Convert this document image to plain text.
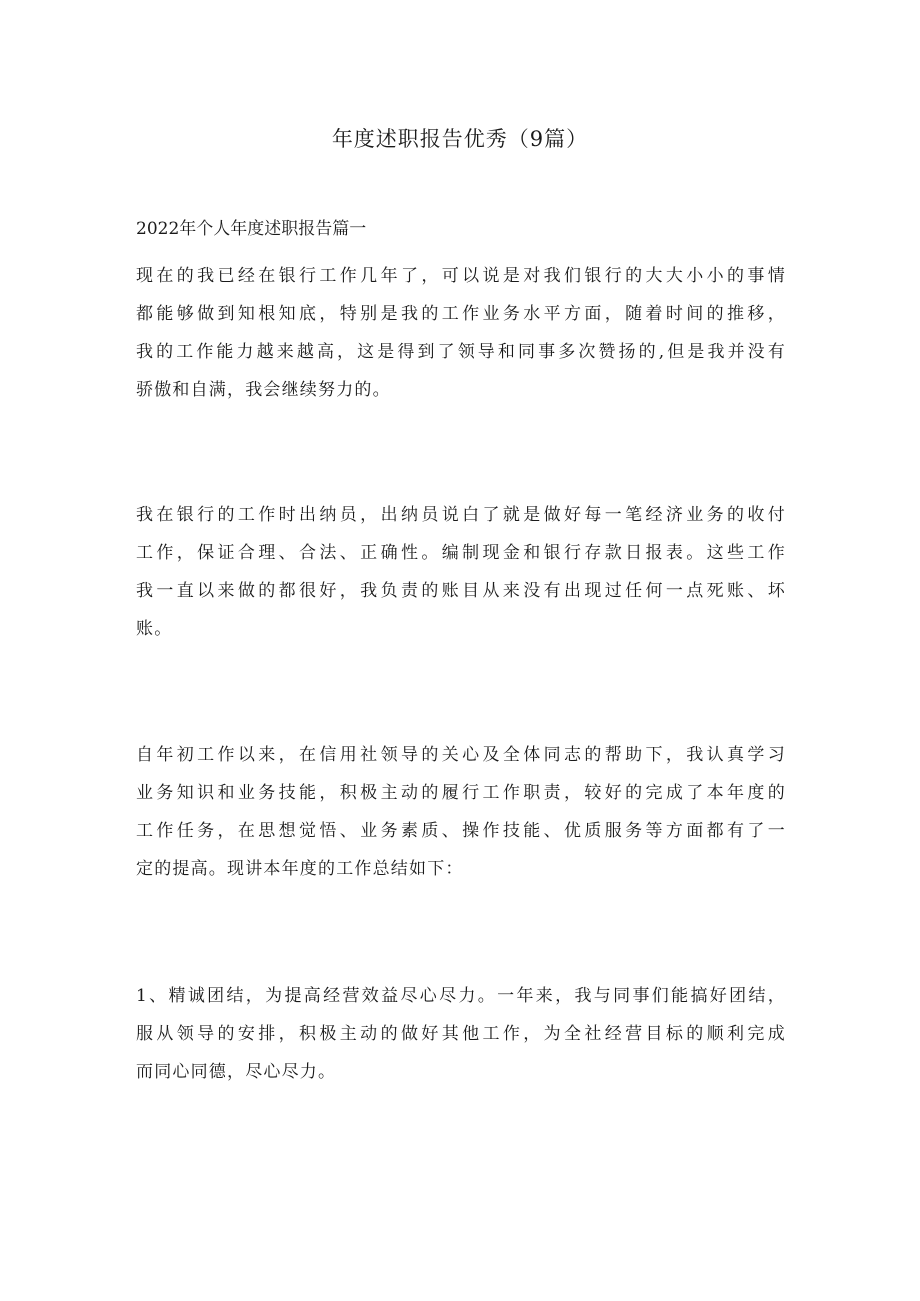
年度述职报告优秀（9篇）
2022年个人年度述职报告篇一
现在的我已经在银行工作几年了，可以说是对我们银行的大大小小的事情
都能够做到知根知底，特别是我的工作业务水平方面，随着时间的推移，
我的工作能力越来越高，这是得到了领导和同事多次赞扬的,但是我并没有
骄傲和自满，我会继续努力的。
我在银行的工作时出纳员，出纳员说白了就是做好每一笔经济业务的收付
工作，保证合理、合法、正确性。编制现金和银行存款日报表。这些工作
我一直以来做的都很好，我负责的账目从来没有出现过任何一点死账、坏
账。
自年初工作以来，在信用社领导的关心及全体同志的帮助下，我认真学习
业务知识和业务技能，积极主动的履行工作职责，较好的完成了本年度的
工作任务，在思想觉悟、业务素质、操作技能、优质服务等方面都有了一
定的提高。现讲本年度的工作总结如下：
1、精诚团结，为提高经营效益尽心尽力。一年来，我与同事们能搞好团结，
服从领导的安排，积极主动的做好其他工作，为全社经营目标的顺利完成
而同心同德，尽心尽力。
